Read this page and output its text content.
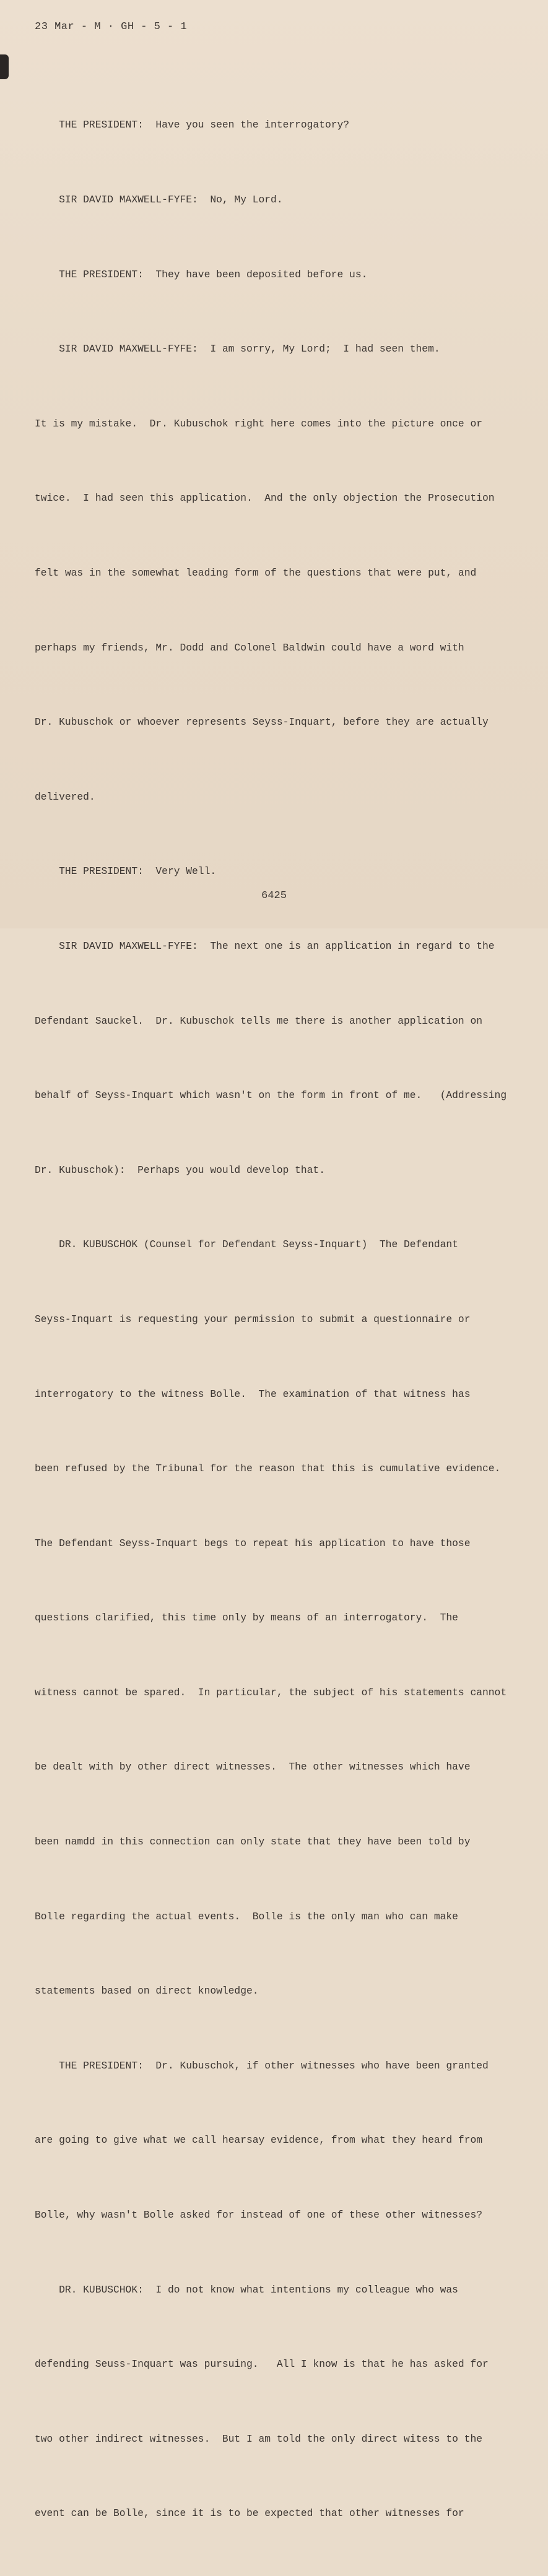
23 Mar - M · GH - 5 - 1

THE PRESIDENT:  Have you seen the interrogatory?

SIR DAVID MAXWELL-FYFE:  No, My Lord.

THE PRESIDENT:  They have been deposited before us.

SIR DAVID MAXWELL-FYFE:  I am sorry, My Lord;  I had seen them.

It is my mistake.  Dr. Kubuschok right here comes into the picture once or

twice.  I had seen this application.  And the only objection the Prosecution

felt was in the somewhat leading form of the questions that were put, and

perhaps my friends, Mr. Dodd and Colonel Baldwin could have a word with

Dr. Kubuschok or whoever represents Seyss-Inquart, before they are actually

delivered.

THE PRESIDENT:  Very Well.

SIR DAVID MAXWELL-FYFE:  The next one is an application in regard to the

Defendant Sauckel.  Dr. Kubuschok tells me there is another application on

behalf of Seyss-Inquart which wasn't on the form in front of me.   (Addressing

Dr. Kubuschok):  Perhaps you would develop that.

DR. KUBUSCHOK (Counsel for Defendant Seyss-Inquart)  The Defendant

Seyss-Inquart is requesting your permission to submit a questionnaire or

interrogatory to the witness Bolle.  The examination of that witness has

been refused by the Tribunal for the reason that this is cumulative evidence.

The Defendant Seyss-Inquart begs to repeat his application to have those

questions clarified, this time only by means of an interrogatory.  The

witness cannot be spared.  In particular, the subject of his statements cannot

be dealt with by other direct witnesses.  The other witnesses which have

been namdd in this connection can only state that they have been told by

Bolle regarding the actual events.  Bolle is the only man who can make

statements based on direct knowledge.

THE PRESIDENT:  Dr. Kubuschok, if other witnesses who have been granted

are going to give what we call hearsay evidence, from what they heard from

Bolle, why wasn't Bolle asked for instead of one of these other witnesses?

DR. KUBUSCHOK:  I do not know what intentions my colleague who was

defending Seuss-Inquart was pursuing.   All I know is that he has asked for

two other indirect witnesses.  But I am told the only direct witess to the

event can be Bolle, since it is to be expected that other witnesses for

6425
